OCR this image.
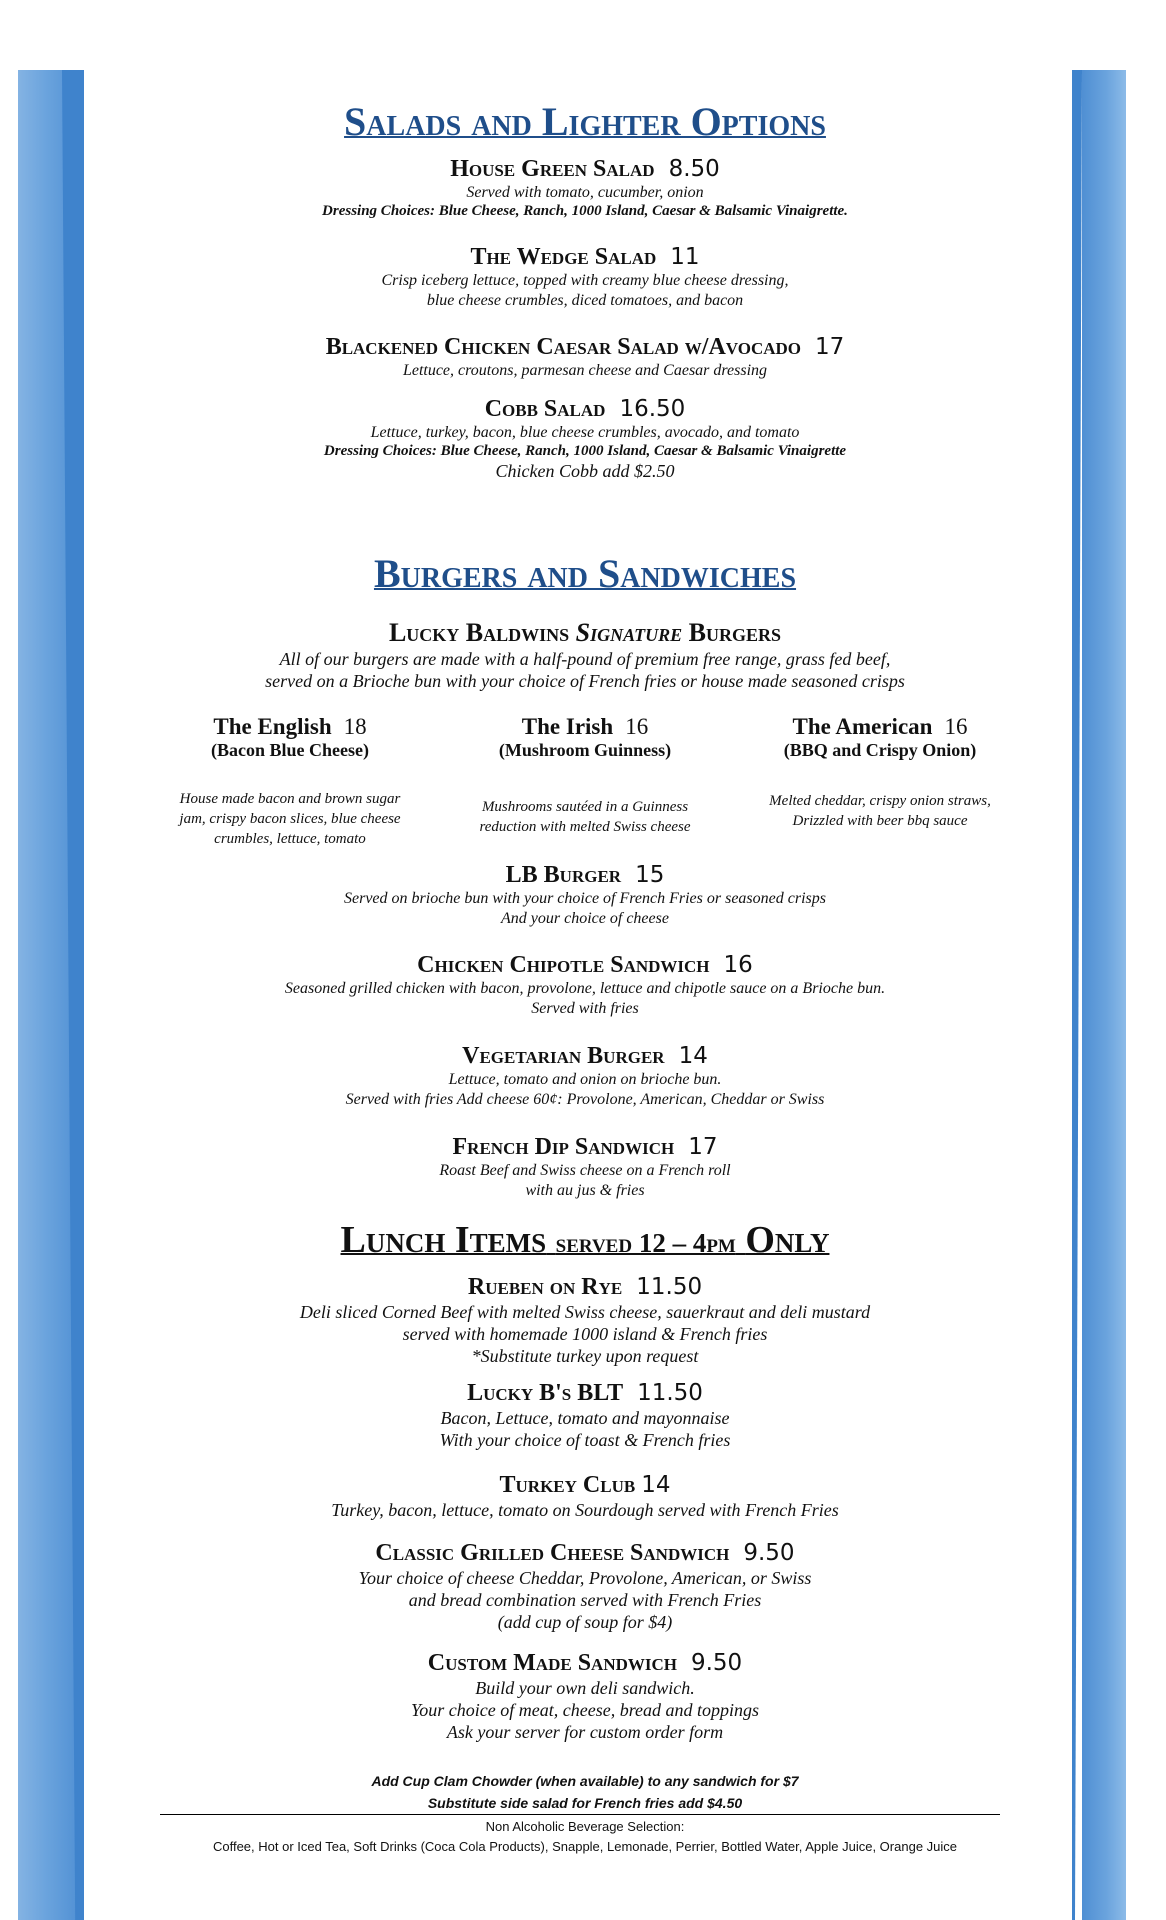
Salads and Lighter Options
House Green Salad 8.50

Served with tomato, cucumber, onion

Dressing Choices: Blue Cheese, Ranch, 1000 Island, Caesar & Balsamic Vinaigrette.

The Wedge Salad 11

Crisp iceberg lettuce, topped with creamy blue cheese dressing,

blue cheese crumbles, diced tomatoes, and bacon

Blackened Chicken Caesar Salad w/Avocado 17

Lettuce, croutons, parmesan cheese and Caesar dressing

Cobb Salad 16.50

Lettuce, turkey, bacon, blue cheese crumbles, avocado, and tomato

Dressing Choices: Blue Cheese, Ranch, 1000 Island, Caesar & Balsamic Vinaigrette

Chicken Cobb add $2.50

Burgers and Sandwiches
Lucky Baldwins Signature Burgers

All of our burgers are made with a half-pound of premium free range, grass fed beef,

served on a Brioche bun with your choice of French fries or house made seasoned crisps

The English 18
(Bacon Blue Cheese)
House made bacon and brown sugar
jam, crispy bacon slices, blue cheese
crumbles, lettuce, tomato
The Irish 16
(Mushroom Guinness)
Mushrooms sautéed in a Guinness
reduction with melted Swiss cheese
The American 16
(BBQ and Crispy Onion)
Melted cheddar, crispy onion straws,
Drizzled with beer bbq sauce
LB Burger 15

Served on brioche bun with your choice of French Fries or seasoned crisps

And your choice of cheese

Chicken Chipotle Sandwich 16

Seasoned grilled chicken with bacon, provolone, lettuce and chipotle sauce on a Brioche bun.

Served with fries

Vegetarian Burger 14

Lettuce, tomato and onion on brioche bun.

Served with fries Add cheese 60¢: Provolone, American, Cheddar or Swiss

French Dip Sandwich 17

Roast Beef and Swiss cheese on a French roll

with au jus & fries

Lunch Items served 12 – 4pm Only
Rueben on Rye 11.50

Deli sliced Corned Beef with melted Swiss cheese, sauerkraut and deli mustard

served with homemade 1000 island & French fries

*Substitute turkey upon request

Lucky B's BLT 11.50

Bacon, Lettuce, tomato and mayonnaise

With your choice of toast & French fries

Turkey Club 14

Turkey, bacon, lettuce, tomato on Sourdough served with French Fries

Classic Grilled Cheese Sandwich 9.50

Your choice of cheese Cheddar, Provolone, American, or Swiss

and bread combination served with French Fries

(add cup of soup for $4)

Custom Made Sandwich 9.50

Build your own deli sandwich.

Your choice of meat, cheese, bread and toppings

Ask your server for custom order form

Add Cup Clam Chowder (when available) to any sandwich for $7
Substitute side salad for French fries add $4.50
Non Alcoholic Beverage Selection:
Coffee, Hot or Iced Tea, Soft Drinks (Coca Cola Products), Snapple, Lemonade, Perrier, Bottled Water, Apple Juice, Orange Juice
